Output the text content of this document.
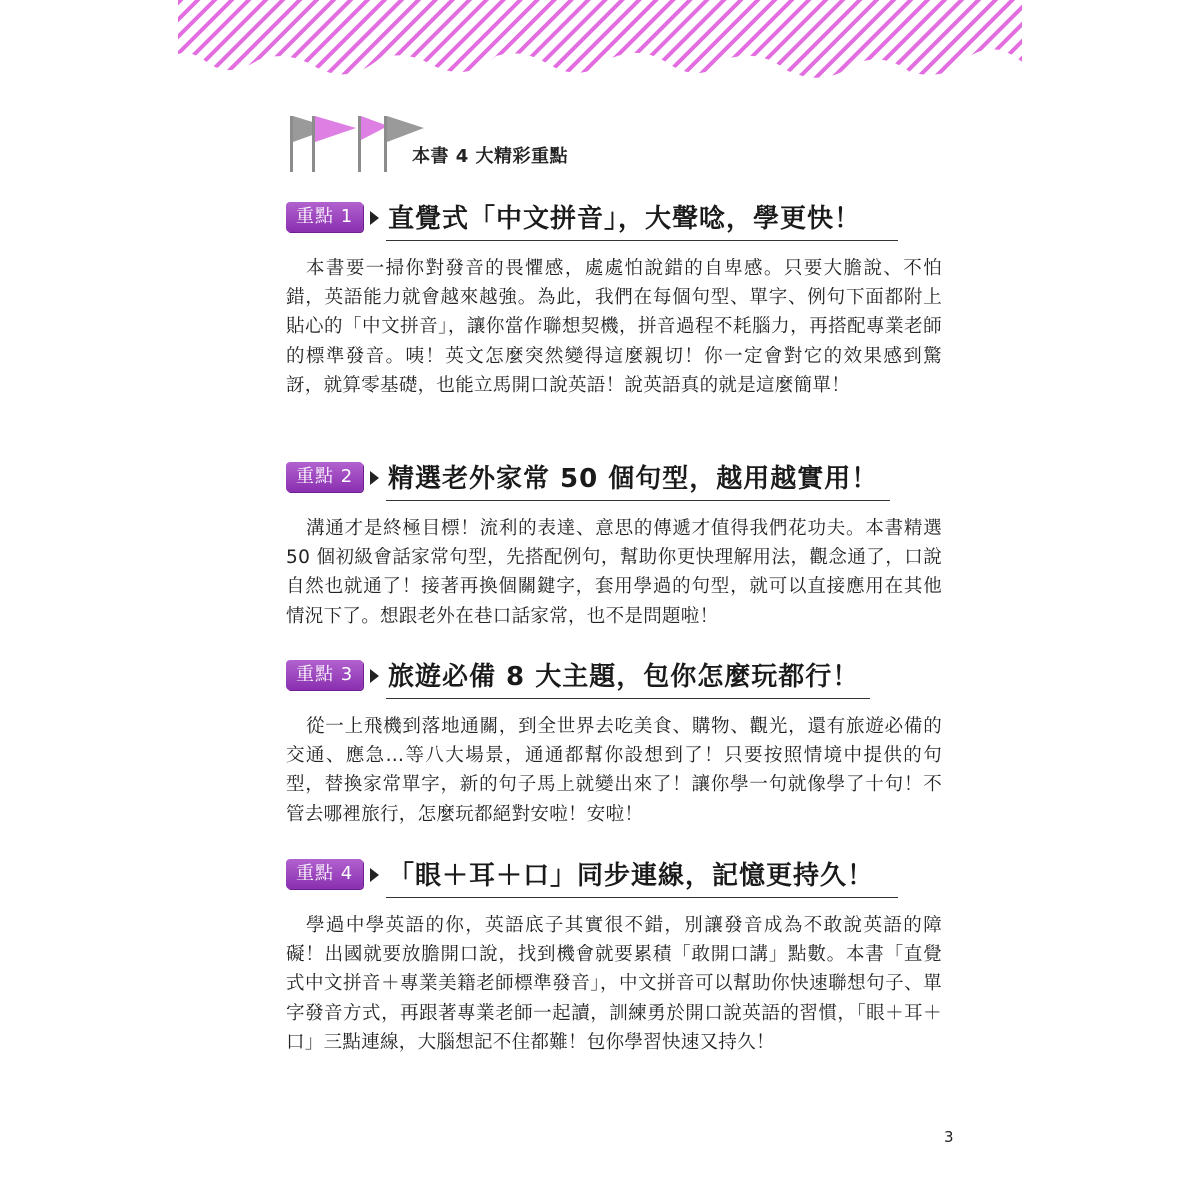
本書 4 大精彩重點
重點 1	直覺式「中文拼音」，大聲唸，學更快！
本書要一掃你對發音的畏懼感，處處怕說錯的自卑感。只要大膽說、不怕錯，英語能力就會越來越強。為此，我們在每個句型、單字、例句下面都附上貼心的「中文拼音」，讓你當作聯想契機，拼音過程不耗腦力，再搭配專業老師的標準發音。咦！英文怎麼突然變得這麼親切！你一定會對它的效果感到驚訝，就算零基礎，也能立馬開口說英語！說英語真的就是這麼簡單！
重點 2	精選老外家常 50 個句型，越用越實用！
溝通才是終極目標！流利的表達、意思的傳遞才值得我們花功夫。本書精選 50 個初級會話家常句型，先搭配例句，幫助你更快理解用法，觀念通了，口說自然也就通了！接著再換個關鍵字，套用學過的句型，就可以直接應用在其他情況下了。想跟老外在巷口話家常，也不是問題啦！
重點 3	旅遊必備 8 大主題，包你怎麼玩都行！
從一上飛機到落地通關，到全世界去吃美食、購物、觀光，還有旅遊必備的交通、應急…等八大場景，通通都幫你設想到了！只要按照情境中提供的句型，替換家常單字，新的句子馬上就變出來了！讓你學一句就像學了十句！不管去哪裡旅行，怎麼玩都絕對安啦！安啦！
重點 4	「眼＋耳＋口」同步連線，記憶更持久！
學過中學英語的你，英語底子其實很不錯，別讓發音成為不敢說英語的障礙！出國就要放膽開口說，找到機會就要累積「敢開口講」點數。本書「直覺式中文拼音＋專業美籍老師標準發音」，中文拼音可以幫助你快速聯想句子、單字發音方式，再跟著專業老師一起讀，訓練勇於開口說英語的習慣，「眼＋耳＋口」三點連線，大腦想記不住都難！包你學習快速又持久！
3
